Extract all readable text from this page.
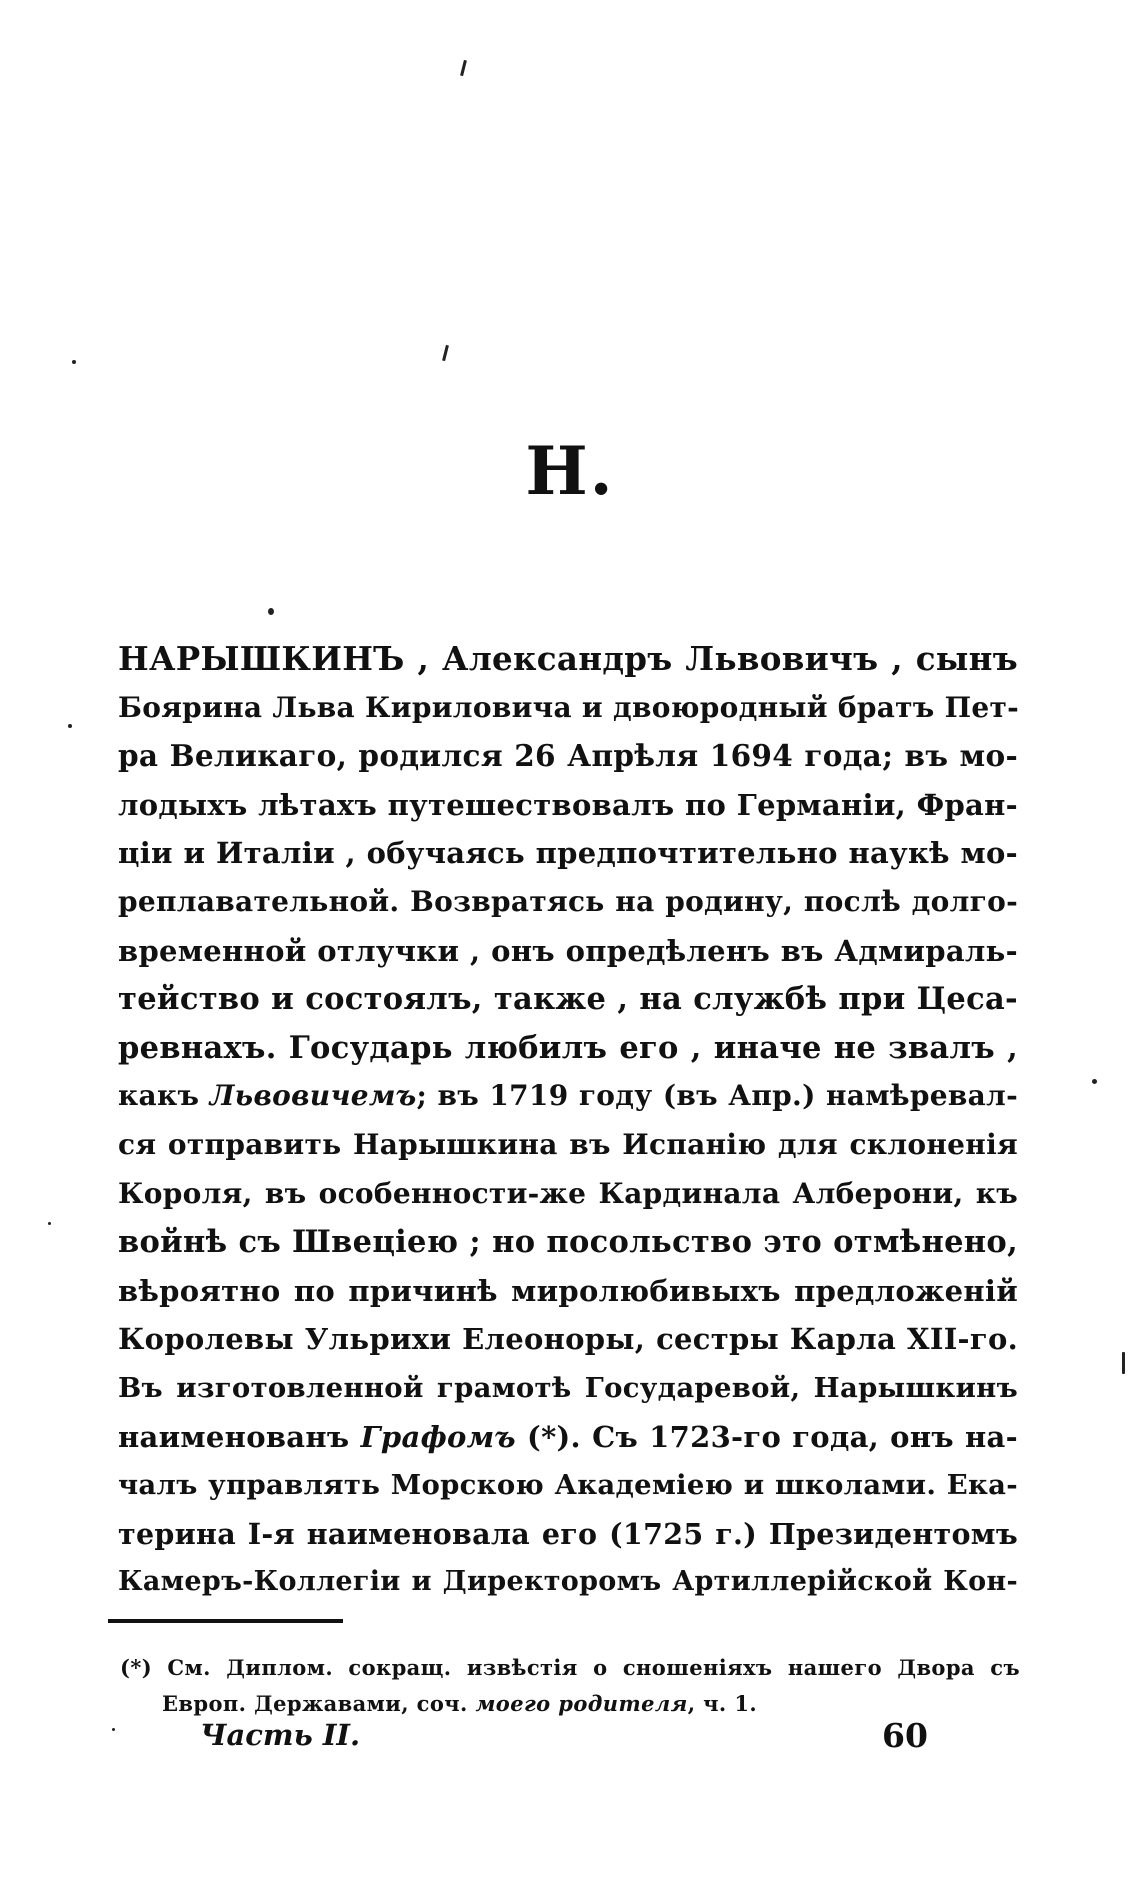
Н.
НАРЫШКИНЪ , Александръ Львовичъ , сынъ
Боярина Льва Кириловича и двоюродный братъ Пет-
ра Великаго, родился 26 Апрѣля 1694 года; въ мо-
лодыхъ лѣтахъ путешествовалъ по Германіи, Фран-
ціи и Италіи , обучаясь предпочтительно наукѣ мо-
реплавательной. Возвратясь на родину, послѣ долго-
временной отлучки , онъ опредѣленъ въ Адмираль-
тейство и состоялъ, также , на службѣ при Цеса-
ревнахъ. Государь любилъ его , иначе не звалъ ,
какъ Львовичемъ; въ 1719 году (въ Апр.) намѣревал-
ся отправить Нарышкина въ Испанію для склоненія
Короля, въ особенности-же Кардинала Алберони, къ
войнѣ съ Швеціею ; но посольство это отмѣнено,
вѣроятно по причинѣ миролюбивыхъ предложеній
Королевы Ульрихи Елеоноры, сестры Карла XII-го.
Въ изготовленной грамотѣ Государевой, Нарышкинъ
наименованъ Графомъ (*). Съ 1723-го года, онъ на-
чалъ управлять Морскою Академіею и школами. Ека-
терина I-я наименовала его (1725 г.) Президентомъ
Камеръ-Коллегіи и Директоромъ Артиллерійской Кон-
(*) См. Диплом. сокращ. извѣстія о сношеніяхъ нашего Двора съ
Европ. Державами, соч. моего родителя, ч. 1.
Часть II.	60
